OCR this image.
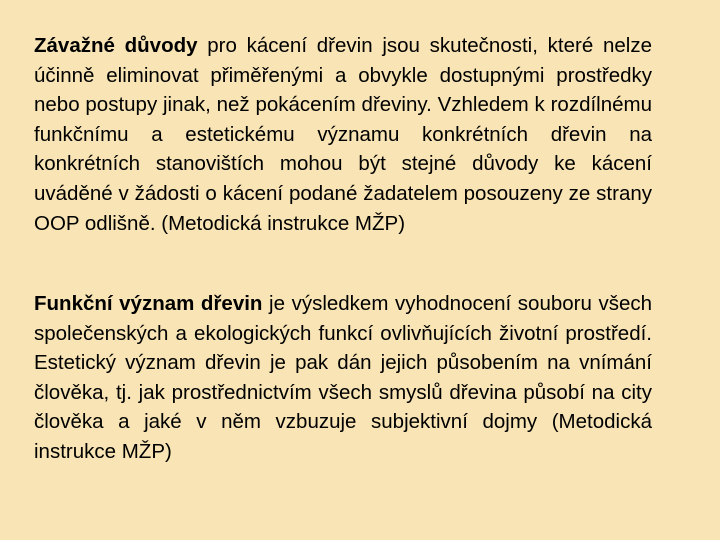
Závažné důvody pro kácení dřevin jsou skutečnosti, které nelze účinně eliminovat přiměřenými a obvykle dostupnými prostředky nebo postupy jinak, než pokácením dřeviny. Vzhledem k rozdílnému funkčnímu a estetickému významu konkrétních dřevin na konkrétních stanovištích mohou být stejné důvody ke kácení uváděné v žádosti o kácení podané žadatelem posouzeny ze strany OOP odlišně. (Metodická instrukce MŽP)

Funkční význam dřevin je výsledkem vyhodnocení souboru všech společenských a ekologických funkcí ovlivňujících životní prostředí. Estetický význam dřevin je pak dán jejich působením na vnímání člověka, tj. jak prostřednictvím všech smyslů dřevina působí na city člověka a jaké v něm vzbuzuje subjektivní dojmy (Metodická instrukce MŽP)
